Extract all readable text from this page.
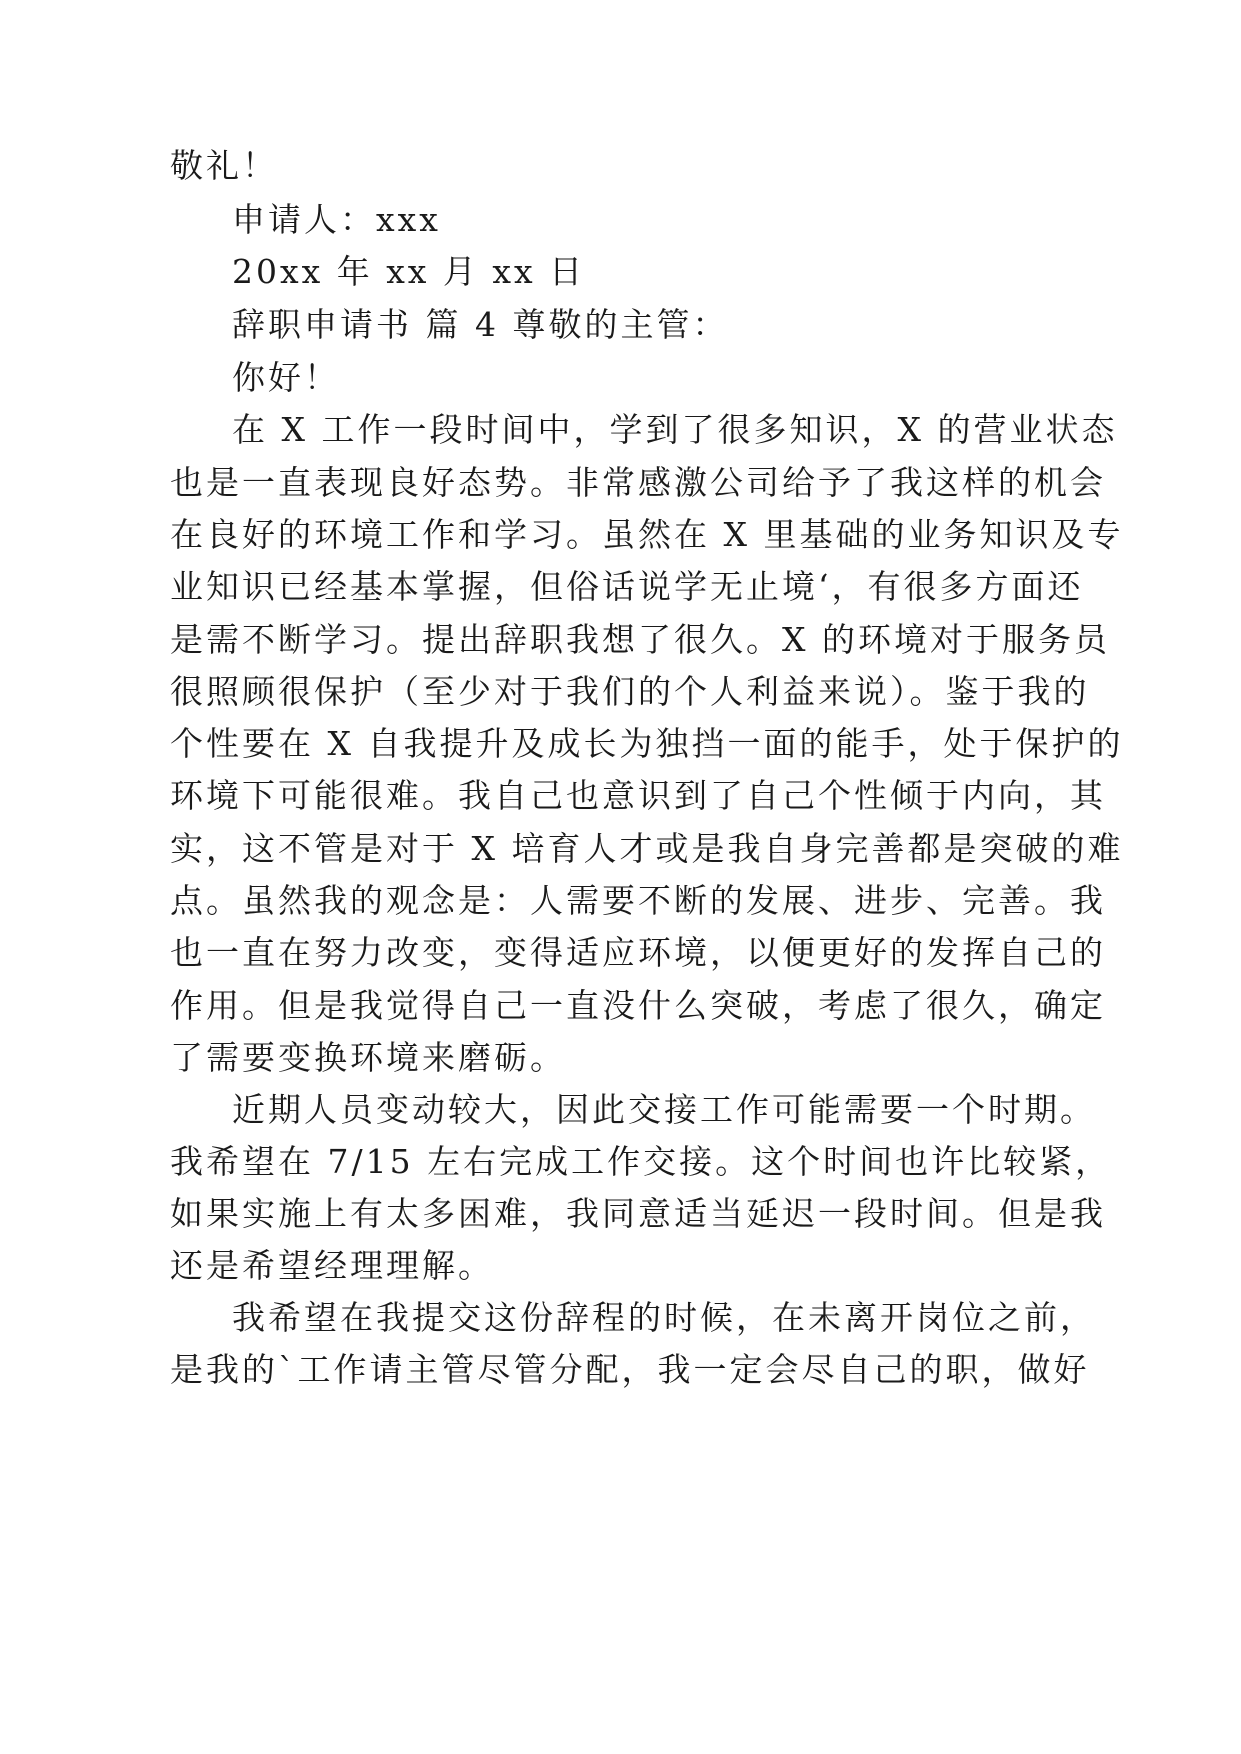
敬礼！
申请人：xxx
20xx 年 xx 月 xx 日
辞职申请书 篇 4 尊敬的主管：
你好！
在 X 工作一段时间中，学到了很多知识，X 的营业状态
也是一直表现良好态势。非常感激公司给予了我这样的机会
在良好的环境工作和学习。虽然在 X 里基础的业务知识及专
业知识已经基本掌握，但俗话说学无止境‘，有很多方面还
是需不断学习。提出辞职我想了很久。X 的环境对于服务员
很照顾很保护（至少对于我们的个人利益来说）。鉴于我的
个性要在 X 自我提升及成长为独挡一面的能手，处于保护的
环境下可能很难。我自己也意识到了自己个性倾于内向，其
实，这不管是对于 X 培育人才或是我自身完善都是突破的难
点。虽然我的观念是：人需要不断的发展、进步、完善。我
也一直在努力改变，变得适应环境，以便更好的发挥自己的
作用。但是我觉得自己一直没什么突破，考虑了很久，确定
了需要变换环境来磨砺。
近期人员变动较大，因此交接工作可能需要一个时期。
我希望在 7/15 左右完成工作交接。这个时间也许比较紧，
如果实施上有太多困难，我同意适当延迟一段时间。但是我
还是希望经理理解。
我希望在我提交这份辞程的时候，在未离开岗位之前，
是我的`工作请主管尽管分配，我一定会尽自己的职，做好
